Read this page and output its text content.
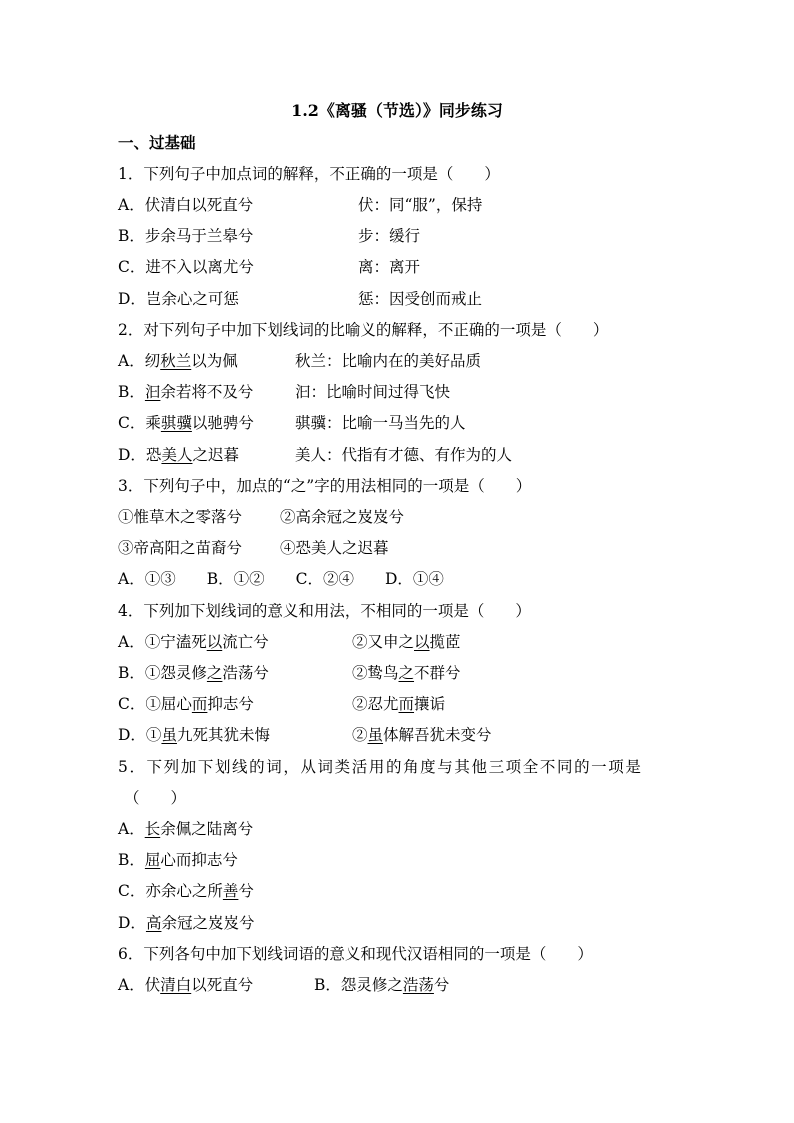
1.2《离骚（节选）》同步练习
一、过基础
1．下列句子中加点词的解释，不正确的一项是（　　）
A．伏清白以死直兮	伏：同“服”，保持
B．步余马于兰皋兮	步：缓行
C．进不入以离尤兮	离：离开
D．岂余心之可惩	惩：因受创而戒止
2．对下列句子中加下划线词的比喻义的解释，不正确的一项是（　　）
A．纫秋兰以为佩	秋兰：比喻内在的美好品质
B．汩余若将不及兮	汩：比喻时间过得飞快
C．乘骐骥以驰骋兮	骐骥：比喻一马当先的人
D．恐美人之迟暮	美人：代指有才德、有作为的人
3．下列句子中，加点的“之”字的用法相同的一项是（　　）
①惟草木之零落兮 ②高余冠之岌岌兮
③帝高阳之苗裔兮 ④恐美人之迟暮
A．①③　　B．①②　　C．②④　　D．①④
4．下列加下划线词的意义和用法，不相同的一项是（　　）
A．①宁溘死以流亡兮	②又申之以揽茝
B．①怨灵修之浩荡兮	②鸷鸟之不群兮
C．①屈心而抑志兮	②忍尤而攘诟
D．①虽九死其犹未悔	②虽体解吾犹未变兮
5．下列加下划线的词，从词类活用的角度与其他三项全不同的一项是
（　　）
A．长余佩之陆离兮
B．屈心而抑志兮
C．亦余心之所善兮
D．高余冠之岌岌兮
6．下列各句中加下划线词语的意义和现代汉语相同的一项是（　　）
A．伏清白以死直兮	B．怨灵修之浩荡兮
